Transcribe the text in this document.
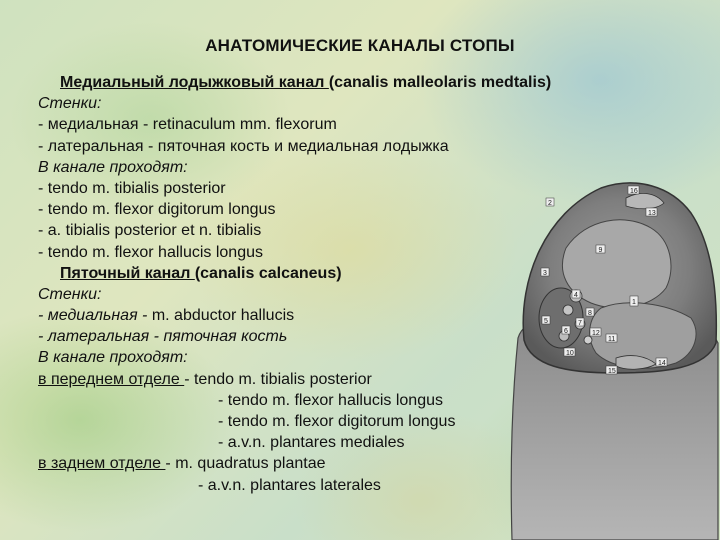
АНАТОМИЧЕСКИЕ КАНАЛЫ СТОПЫ
Медиальный лодыжковый канал (canalis malleolaris medtalis)
Стенки:
- медиальная - retinaculum mm. flexorum
- латеральная - пяточная кость и медиальная лодыжка
В канале проходят:
- tendo m. tibialis posterior
- tendo m. flexor digitorum longus
- a. tibialis posterior et n. tibialis
- tendo m. flexor hallucis longus
Пяточный канал (canalis calcaneus)
Стенки:
- медиальная - m. abductor hallucis
- латеральная - пяточная кость
В канале проходят:
в переднем отделе - tendo m. tibialis posterior
- tendo m. flexor hallucis longus
- tendo m. flexor digitorum longus
- a.v.n. plantares mediales
в заднем отделе - m. quadratus plantae
- a.v.n. plantares laterales
16
9
1
3
4
5
6
7
10
15
2
11
12
13
14
8
